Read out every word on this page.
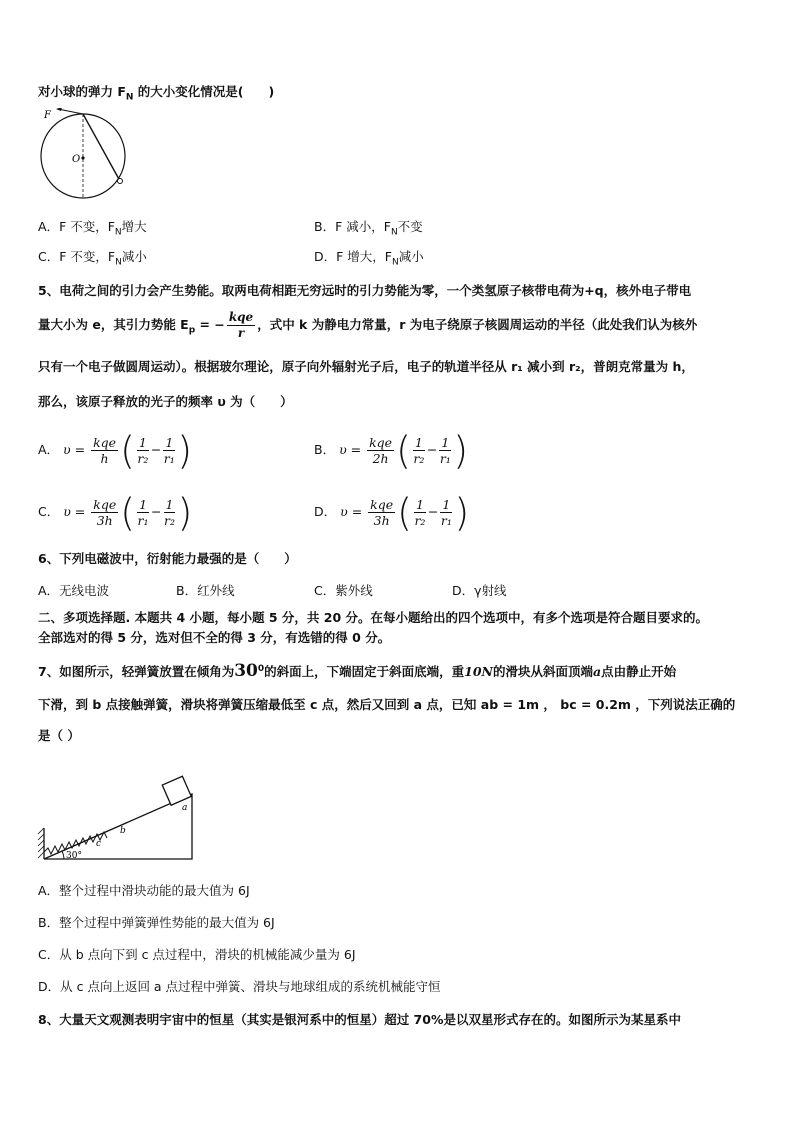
对小球的弹力 $F_N$ 的大小变化情况是(　　)
F
O
A．F 不变，$F_N$增大	B．F 减小，$F_N$不变
C．F 不变，$F_N$减小	D．F 增大，$F_N$减小
5、电荷之间的引力会产生势能。取两电荷相距无穷远时的引力势能为零，一个类氢原子核带电荷为+q，核外电子带电
量大小为 e，其引力势能 $E_p$ = − $\frac{\text{kqe}}{r}$ ，式中 k 为静电力常量，r 为电子绕原子核圆周运动的半径（此处我们认为核外
只有一个电子做圆周运动）。根据玻尔理论，原子向外辐射光子后，电子的轨道半径从 r₁ 减小到 r₂，普朗克常量为 h，
那么，该原子释放的光子的频率 υ 为（　　）
A． $\upsilon = \frac{\text{kqe}}{h}$ ( $\frac{1}{\text{r₂}} - \frac{1}{\text{r₁}}$ )	B． $\upsilon = \frac{\text{kqe}}{2h}$ ( $\frac{1}{\text{r₂}} - \frac{1}{\text{r₁}}$ )
C． $\upsilon = \frac{\text{kqe}}{3h}$ ( $\frac{1}{\text{r₁}} - \frac{1}{\text{r₂}}$ )	D． $\upsilon = \frac{\text{kqe}}{3h}$ ( $\frac{1}{\text{r₂}} - \frac{1}{\text{r₁}}$ )
6、下列电磁波中，衍射能力最强的是（　　）
A．无线电波	B．红外线	C．紫外线	D．γ射线
二、多项选择题. 本题共 4 小题，每小题 5 分，共 20 分。在每小题给出的四个选项中，有多个选项是符合题目要求的。
全部选对的得 5 分，选对但不全的得 3 分，有选错的得 0 分。
7、如图所示，轻弹簧放置在倾角为$30^0$的斜面上，下端固定于斜面底端，重10N的滑块从斜面顶端a点由静止开始
下滑，到 b 点接触弹簧，滑块将弹簧压缩最低至 c 点，然后又回到 a 点，已知 ab = 1m ， bc = 0.2m ，下列说法正确的
是（ ）
a
b
c
30°
A．整个过程中滑块动能的最大值为 6J
B．整个过程中弹簧弹性势能的最大值为 6J
C．从 b 点向下到 c 点过程中，滑块的机械能减少量为 6J
D．从 c 点向上返回 a 点过程中弹簧、滑块与地球组成的系统机械能守恒
8、大量天文观测表明宇宙中的恒星（其实是银河系中的恒星）超过 70%是以双星形式存在的。如图所示为某星系中
